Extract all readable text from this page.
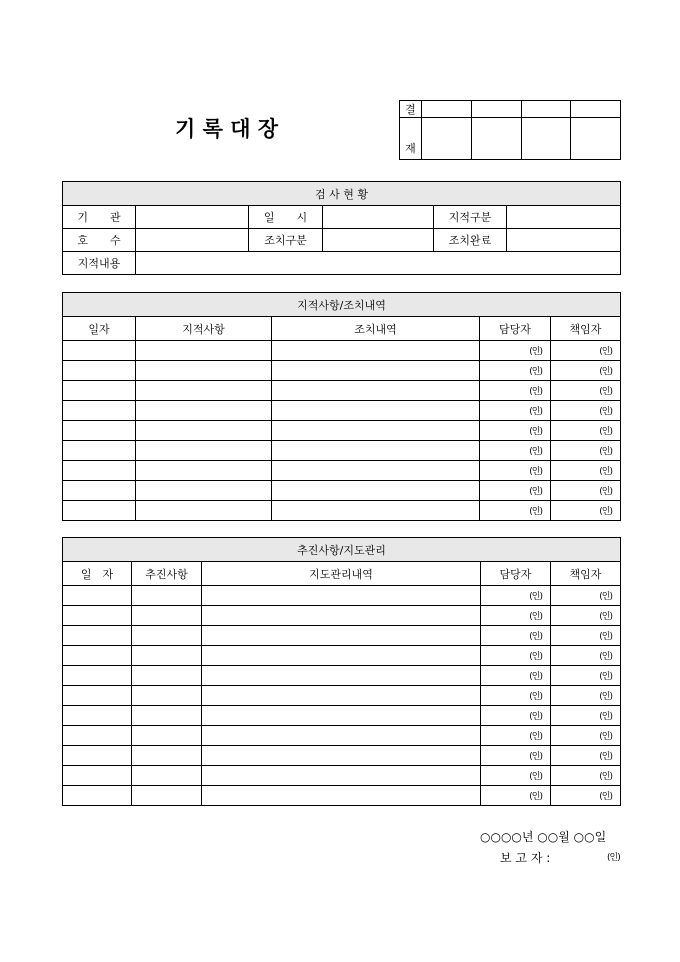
기 록 대 장
결				
재				
검 사 현 황					
기　　관		일　　시		지적구분	
호　　수		조치구분		조치완료	
지적내용					
지적사항/조치내역				
일자	지적사항	조치내역	담당자	책임자
			(인)	(인)
			(인)	(인)
			(인)	(인)
			(인)	(인)
			(인)	(인)
			(인)	(인)
			(인)	(인)
			(인)	(인)
			(인)	(인)
추진사항/지도관리				
일　자	추진사항	지도관리내역	담당자	책임자
			(인)	(인)
			(인)	(인)
			(인)	(인)
			(인)	(인)
			(인)	(인)
			(인)	(인)
			(인)	(인)
			(인)	(인)
			(인)	(인)
			(인)	(인)
			(인)	(인)
○○○○년 ○○월 ○○일
보 고 자 :	(인)
